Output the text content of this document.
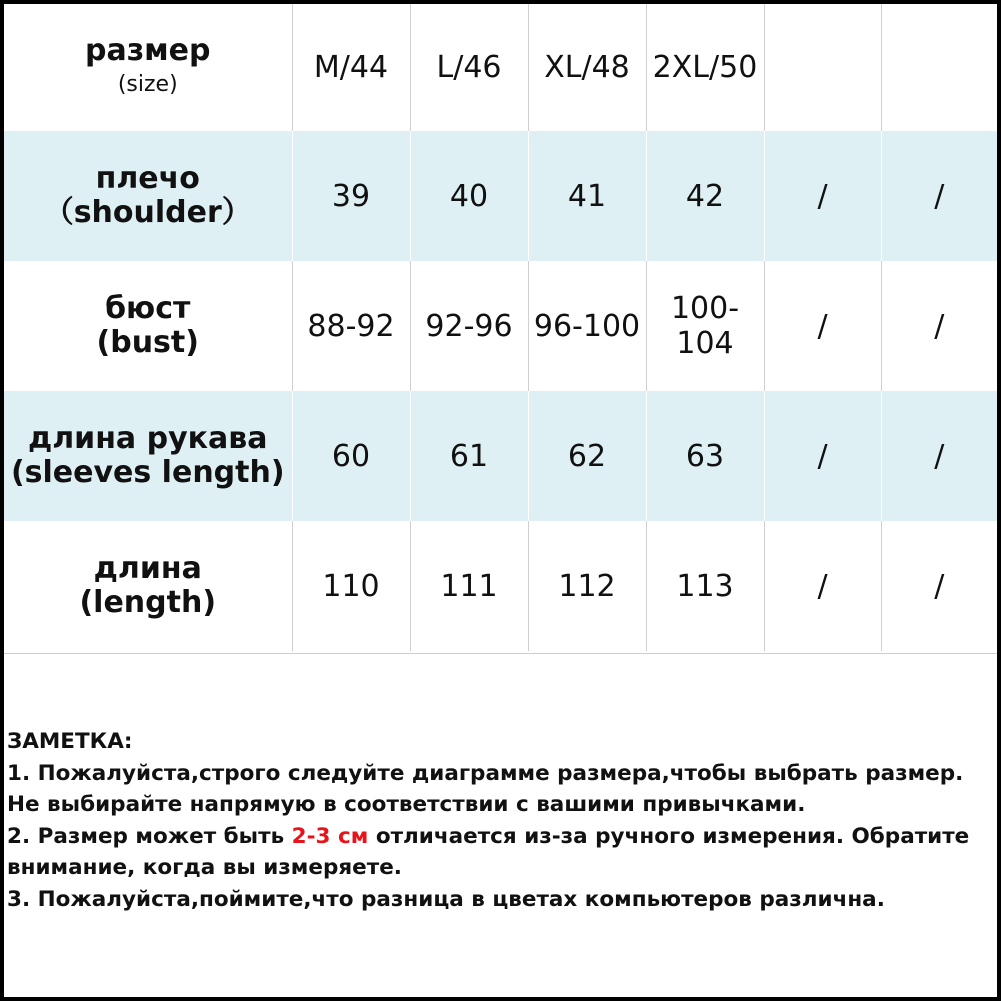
размер
(size)	M/44	L/46	XL/48	2XL/50		
плечо
（shoulder）	39	40	41	42	/	/
бюст
(bust)	88-92	92-96	96-100	100-104	/	/
длина рукава
(sleeves length)	60	61	62	63	/	/
длина
(length)	110	111	112	113	/	/
ЗАМЕТКА:
1. Пожалуйста,строго следуйте диаграмме размера,чтобы выбрать размер.
Не выбирайте напрямую в соответствии с вашими привычками.
2. Размер может быть 2-3 см отличается из-за ручного измерения. Обратите
внимание, когда вы измеряете.
3. Пожалуйста,поймите,что разница в цветах компьютеров различна.
